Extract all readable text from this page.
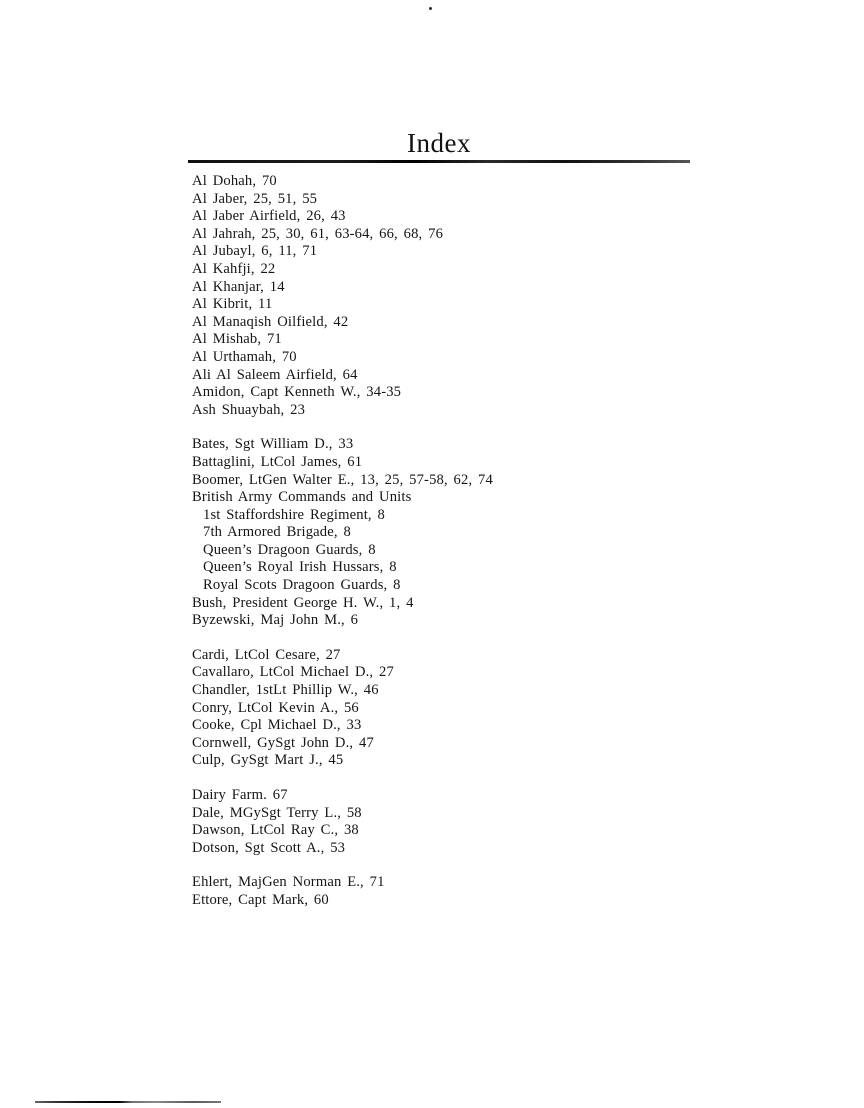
Index
Al Dohah, 70
Al Jaber, 25, 51, 55
Al Jaber Airfield, 26, 43
Al Jahrah, 25, 30, 61, 63-64, 66, 68, 76
Al Jubayl, 6, 11, 71
Al Kahfji, 22
Al Khanjar, 14
Al Kibrit, 11
Al Manaqish Oilfield, 42
Al Mishab, 71
Al Urthamah, 70
Ali Al Saleem Airfield, 64
Amidon, Capt Kenneth W., 34-35
Ash Shuaybah, 23
Bates, Sgt William D., 33
Battaglini, LtCol James, 61
Boomer, LtGen Walter E., 13, 25, 57-58, 62, 74
British Army Commands and Units
1st Staffordshire Regiment, 8
7th Armored Brigade, 8
Queen’s Dragoon Guards, 8
Queen’s Royal Irish Hussars, 8
Royal Scots Dragoon Guards, 8
Bush, President George H. W., 1, 4
Byzewski, Maj John M., 6
Cardi, LtCol Cesare, 27
Cavallaro, LtCol Michael D., 27
Chandler, 1stLt Phillip W., 46
Conry, LtCol Kevin A., 56
Cooke, Cpl Michael D., 33
Cornwell, GySgt John D., 47
Culp, GySgt Mart J., 45
Dairy Farm. 67
Dale, MGySgt Terry L., 58
Dawson, LtCol Ray C., 38
Dotson, Sgt Scott A., 53
Ehlert, MajGen Norman E., 71
Ettore, Capt Mark, 60
